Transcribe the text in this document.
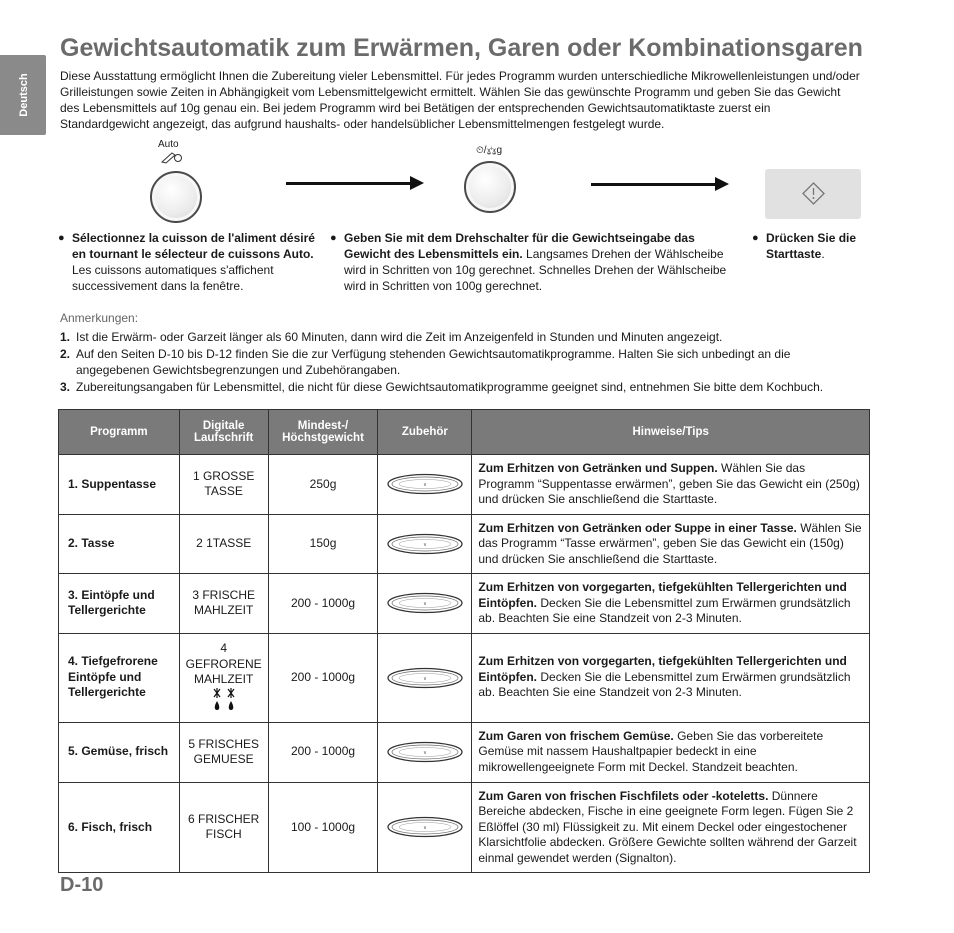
Deutsch
Gewichtsautomatik zum Erwärmen, Garen oder Kombinationsgaren
Diese Ausstattung ermöglicht Ihnen die Zubereitung vieler Lebensmittel. Für jedes Programm wurden unterschiedliche Mikrowellenleistungen und/oder Grilleistungen sowie Zeiten in Abhängigkeit vom Lebensmittelgewicht ermittelt. Wählen Sie das gewünschte Programm und geben Sie das Gewicht des Lebensmittels auf 10g genau ein. Bei jedem Programm wird bei Betätigen der entsprechenden Gewichtsautomatiktaste zuerst ein Standardgewicht angezeigt, das aufgrund haushalts- oder handelsüblicher Lebensmittelmengen festgelegt wurde.
Auto
⏲/⚖g
● Sélectionnez la cuisson de l'aliment désiré en tournant le sélecteur de cuissons Auto. Les cuissons automatiques s'affichent successivement dans la fenêtre.
● Geben Sie mit dem Drehschalter für die Gewichtseingabe das Gewicht des Lebensmittels ein. Langsames Drehen der Wählscheibe wird in Schritten von 10g gerechnet. Schnelles Drehen der Wählscheibe wird in Schritten von 100g gerechnet.
● Drücken Sie die Starttaste.
Anmerkungen:
1. Ist die Erwärm- oder Garzeit länger als 60 Minuten, dann wird die Zeit im Anzeigenfeld in Stunden und Minuten angezeigt.
2. Auf den Seiten D-10 bis D-12 finden Sie die zur Verfügung stehenden Gewichtsautomatikprogramme. Halten Sie sich unbedingt an die angegebenen Gewichtsbegrenzungen und Zubehörangaben.
3. Zubereitungsangaben für Lebensmittel, die nicht für diese Gewichtsautomatikprogramme geeignet sind, entnehmen Sie bitte dem Kochbuch.
Programm	Digitale Laufschrift	Mindest-/ Höchstgewicht	Zubehör	Hinweise/Tips
1. Suppentasse	1 GROSSE TASSE	250g	∨	Zum Erhitzen von Getränken und Suppen. Wählen Sie das Programm “Suppentasse erwärmen”, geben Sie das Gewicht ein (250g) und drücken Sie anschließend die Starttaste.
2. Tasse	2 1TASSE	150g	∨	Zum Erhitzen von Getränken oder Suppe in einer Tasse. Wählen Sie das Programm “Tasse erwärmen”, geben Sie das Gewicht ein (150g) und drücken Sie anschließend die Starttaste.
3. Eintöpfe und Tellergerichte	3 FRISCHE MAHLZEIT	200 - 1000g	∨	Zum Erhitzen von vorgegarten, tiefgekühlten Tellergerichten und Eintöpfen. Decken Sie die Lebensmittel zum Erwärmen grundsätzlich ab. Beachten Sie eine Standzeit von 2-3 Minuten.
4. Tiefgefrorene Eintöpfe und Tellergerichte	4 GEFRORENE MAHLZEIT	200 - 1000g	∨	Zum Erhitzen von vorgegarten, tiefgekühlten Tellergerichten und Eintöpfen. Decken Sie die Lebensmittel zum Erwärmen grundsätzlich ab. Beachten Sie eine Standzeit von 2-3 Minuten.
5. Gemüse, frisch	5 FRISCHES GEMUESE	200 - 1000g	∨	Zum Garen von frischem Gemüse. Geben Sie das vorbereitete Gemüse mit nassem Haushaltpapier bedeckt in eine mikrowellengeeignete Form mit Deckel. Standzeit beachten.
6. Fisch, frisch	6 FRISCHER FISCH	100 - 1000g	∨	Zum Garen von frischen Fischfilets oder -koteletts. Dünnere Bereiche abdecken, Fische in eine geeignete Form legen. Fügen Sie 2 Eßlöffel (30 ml) Flüssigkeit zu. Mit einem Deckel oder eingestochener Klarsichtfolie abdecken. Größere Gewichte sollten während der Garzeit einmal gewendet werden (Signalton).
D-10
